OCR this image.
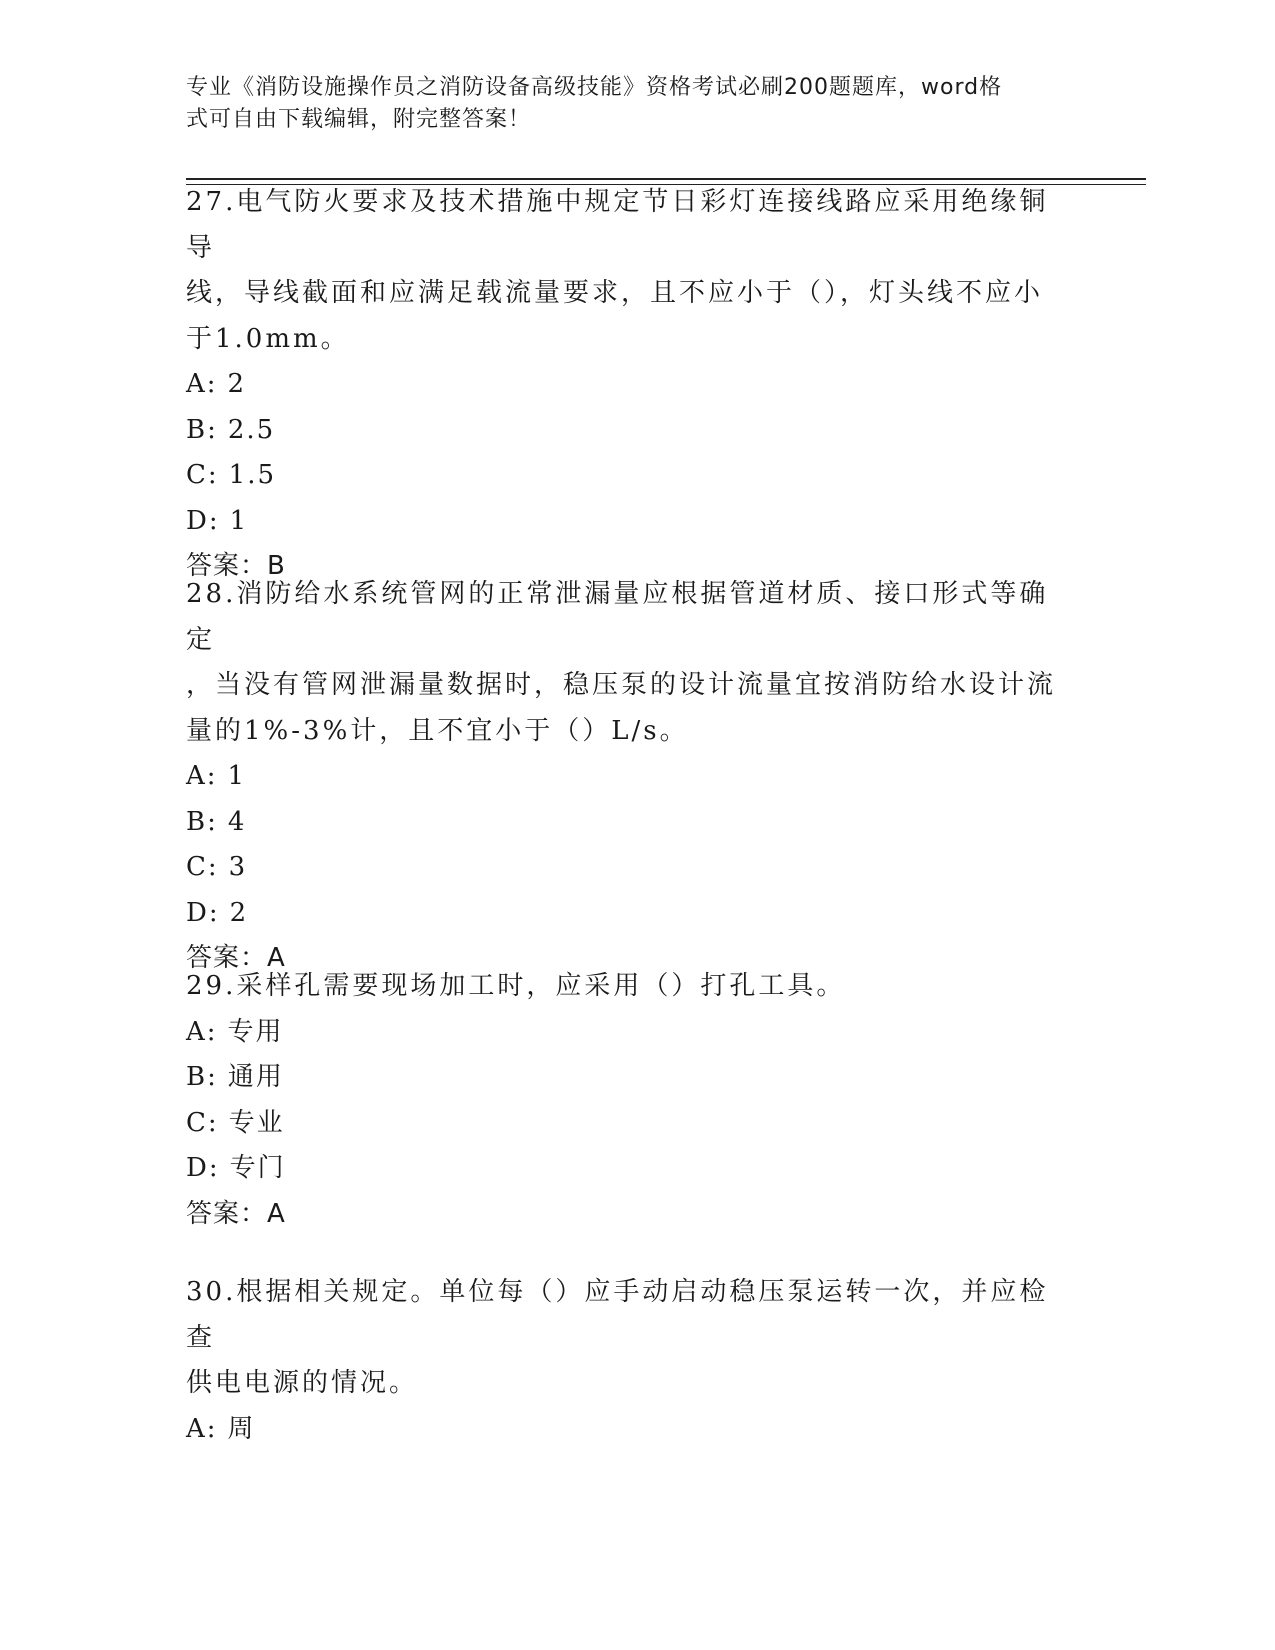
专业《消防设施操作员之消防设备高级技能》资格考试必刷200题题库，word格
式可自由下载编辑，附完整答案！

27.电气防火要求及技术措施中规定节日彩灯连接线路应采用绝缘铜导

线，导线截面和应满足载流量要求，且不应小于（），灯头线不应小

于1.0mm。

A: 2

B: 2.5

C: 1.5

D: 1

答案：B

28.消防给水系统管网的正常泄漏量应根据管道材质、接口形式等确定

，当没有管网泄漏量数据时，稳压泵的设计流量宜按消防给水设计流

量的1%-3%计，且不宜小于（）L/s。

A: 1

B: 4

C: 3

D: 2

答案：A

29.采样孔需要现场加工时，应采用（）打孔工具。

A: 专用

B: 通用

C: 专业

D: 专门

答案：A

30.根据相关规定。单位每（）应手动启动稳压泵运转一次，并应检查

供电电源的情况。

A: 周
